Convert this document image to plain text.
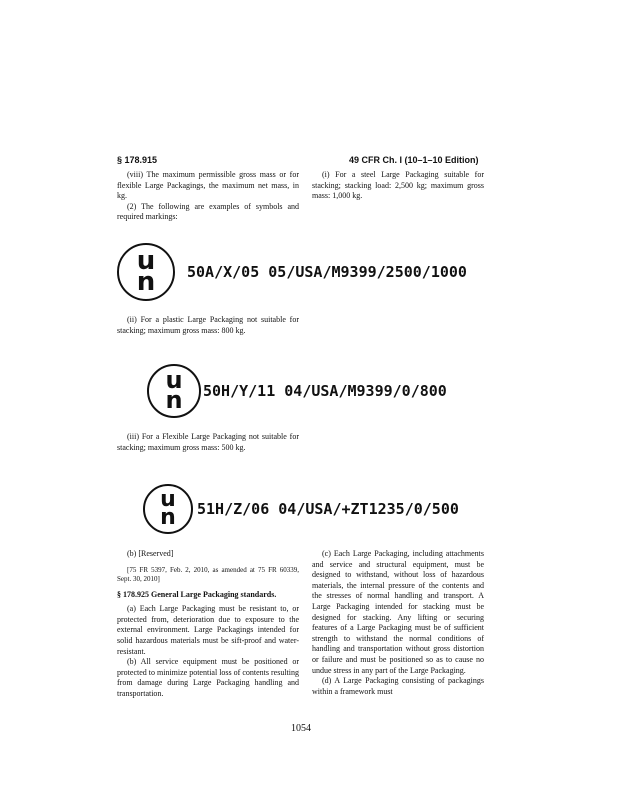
§ 178.915	49 CFR Ch. I (10–1–10 Edition)

(viii) The maximum permissible gross mass or for flexible Large Packagings, the maximum net mass, in kg.

(2) The following are examples of symbols and required markings:

(i) For a steel Large Packaging suitable for stacking; stacking load: 2,500 kg; maximum gross mass: 1,000 kg.

u
n 50A/X/05 05/USA/M9399/2500/1000

(ii) For a plastic Large Packaging not suitable for stacking; maximum gross mass: 800 kg.

u
n 50H/Y/11 04/USA/M9399/0/800

(iii) For a Flexible Large Packaging not suitable for stacking; maximum gross mass: 500 kg.

u
n 51H/Z/06 04/USA/+ZT1235/0/500

(b) [Reserved]

[75 FR 5397, Feb. 2, 2010, as amended at 75 FR 60339, Sept. 30, 2010]

§ 178.925 General Large Packaging standards.

(a) Each Large Packaging must be resistant to, or protected from, deterioration due to exposure to the external environment. Large Packagings intended for solid hazardous materials must be sift-proof and water-resistant.

(b) All service equipment must be positioned or protected to minimize potential loss of contents resulting from damage during Large Packaging handling and transportation.

(c) Each Large Packaging, including attachments and service and structural equipment, must be designed to withstand, without loss of hazardous materials, the internal pressure of the contents and the stresses of normal handling and transport. A Large Packaging intended for stacking must be designed for stacking. Any lifting or securing features of a Large Packaging must be of sufficient strength to withstand the normal conditions of handling and transportation without gross distortion or failure and must be positioned so as to cause no undue stress in any part of the Large Packaging.

(d) A Large Packaging consisting of packagings within a framework must

1054
